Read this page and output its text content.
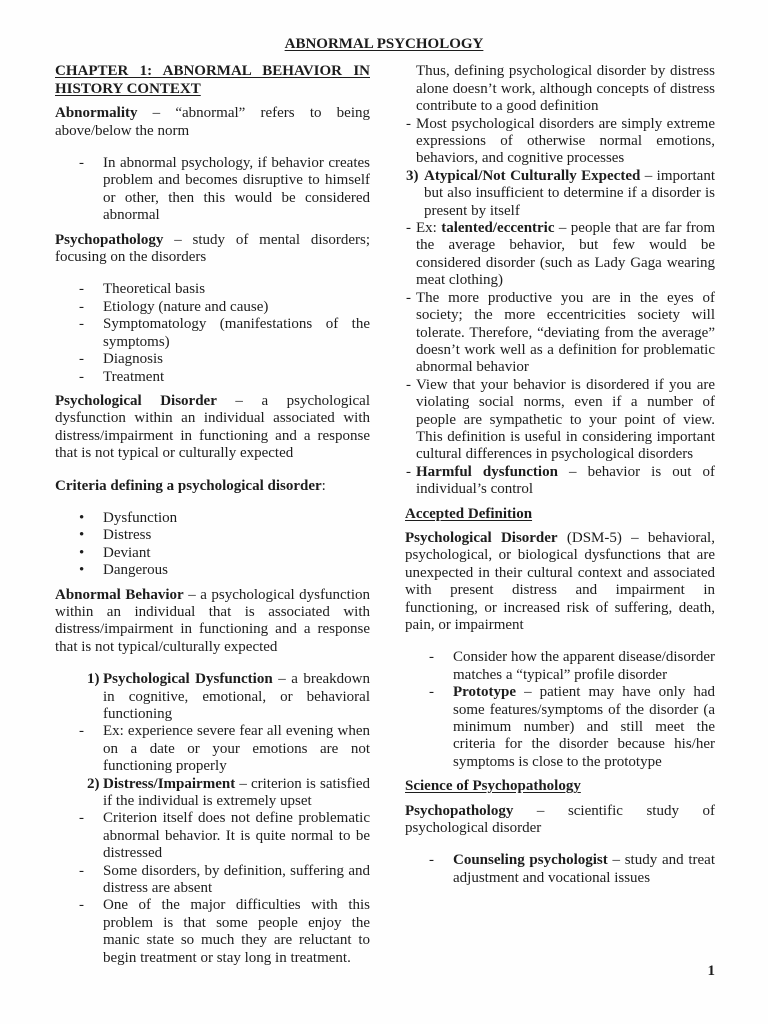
ABNORMAL PSYCHOLOGY
CHAPTER 1: ABNORMAL BEHAVIOR IN HISTORY CONTEXT

Abnormality – “abnormal” refers to being above/below the norm

-	In abnormal psychology, if behavior creates problem and becomes disruptive to himself or other, then this would be considered abnormal

Psychopathology – study of mental disorders; focusing on the disorders

-	Theoretical basis
-	Etiology (nature and cause)
-	Symptomatology (manifestations of the symptoms)
-	Diagnosis
-	Treatment

Psychological Disorder – a psychological dysfunction within an individual associated with distress/impairment in functioning and a response that is not typical or culturally expected

Criteria defining a psychological disorder:

•	Dysfunction
•	Distress
•	Deviant
•	Dangerous

Abnormal Behavior – a psychological dysfunction within an individual that is associated with distress/impairment in functioning and a response that is not typical/culturally expected

1) Psychological Dysfunction – a breakdown in cognitive, emotional, or behavioral functioning
-	Ex: experience severe fear all evening when on a date or your emotions are not functioning properly
2) Distress/Impairment – criterion is satisfied if the individual is extremely upset
-	Criterion itself does not define problematic abnormal behavior. It is quite normal to be distressed
-	Some disorders, by definition, suffering and distress are absent
-	One of the major difficulties with this problem is that some people enjoy the manic state so much they are reluctant to begin treatment or stay long in treatment.
Thus, defining psychological disorder by distress alone doesn’t work, although concepts of distress contribute to a good definition
- Most psychological disorders are simply extreme expressions of otherwise normal emotions, behaviors, and cognitive processes
3) Atypical/Not Culturally Expected – important but also insufficient to determine if a disorder is present by itself
- Ex: talented/eccentric – people that are far from the average behavior, but few would be considered disorder (such as Lady Gaga wearing meat clothing)
- The more productive you are in the eyes of society; the more eccentricities society will tolerate. Therefore, “deviating from the average” doesn’t work well as a definition for problematic abnormal behavior
- View that your behavior is disordered if you are violating social norms, even if a number of people are sympathetic to your point of view. This definition is useful in considering important cultural differences in psychological disorders
- Harmful dysfunction – behavior is out of individual’s control
Accepted Definition

Psychological Disorder (DSM-5) – behavioral, psychological, or biological dysfunctions that are unexpected in their cultural context and associated with present distress and impairment in functioning, or increased risk of suffering, death, pain, or impairment

-	Consider how the apparent disease/disorder matches a “typical” profile disorder
-	Prototype – patient may have only had some features/symptoms of the disorder (a minimum number) and still meet the criteria for the disorder because his/her symptoms is close to the prototype
Science of Psychopathology

Psychopathology – scientific study of psychological disorder

-	Counseling psychologist – study and treat adjustment and vocational issues
1
